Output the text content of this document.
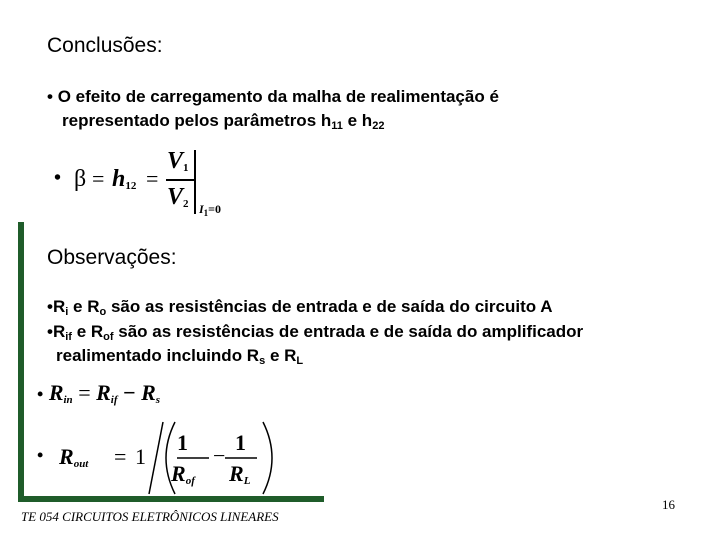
Conclusões:
• O efeito de carregamento da malha de realimentação é
representado pelos parâmetros $h_{11}$ e $h_{22}$
• $\beta = h_{12}$ =
$V_1$
$V_2$ $I_1=0$
Observações:
$•R_i$ e $R_o$ são as resistências de entrada e de saída do circuito A
$•R_{if}$ e $R_{of}$ são as resistências de entrada e de saída do amplificador
realimentado incluindo $R_s$ e $R_L$
• $R_{in} = R_{if} - R_s$
• $R_{out} = 1$
1
$R_{of}$
−
1
$R_L$
TE 054 CIRCUITOS ELETRÔNICOS LINEARES
16
